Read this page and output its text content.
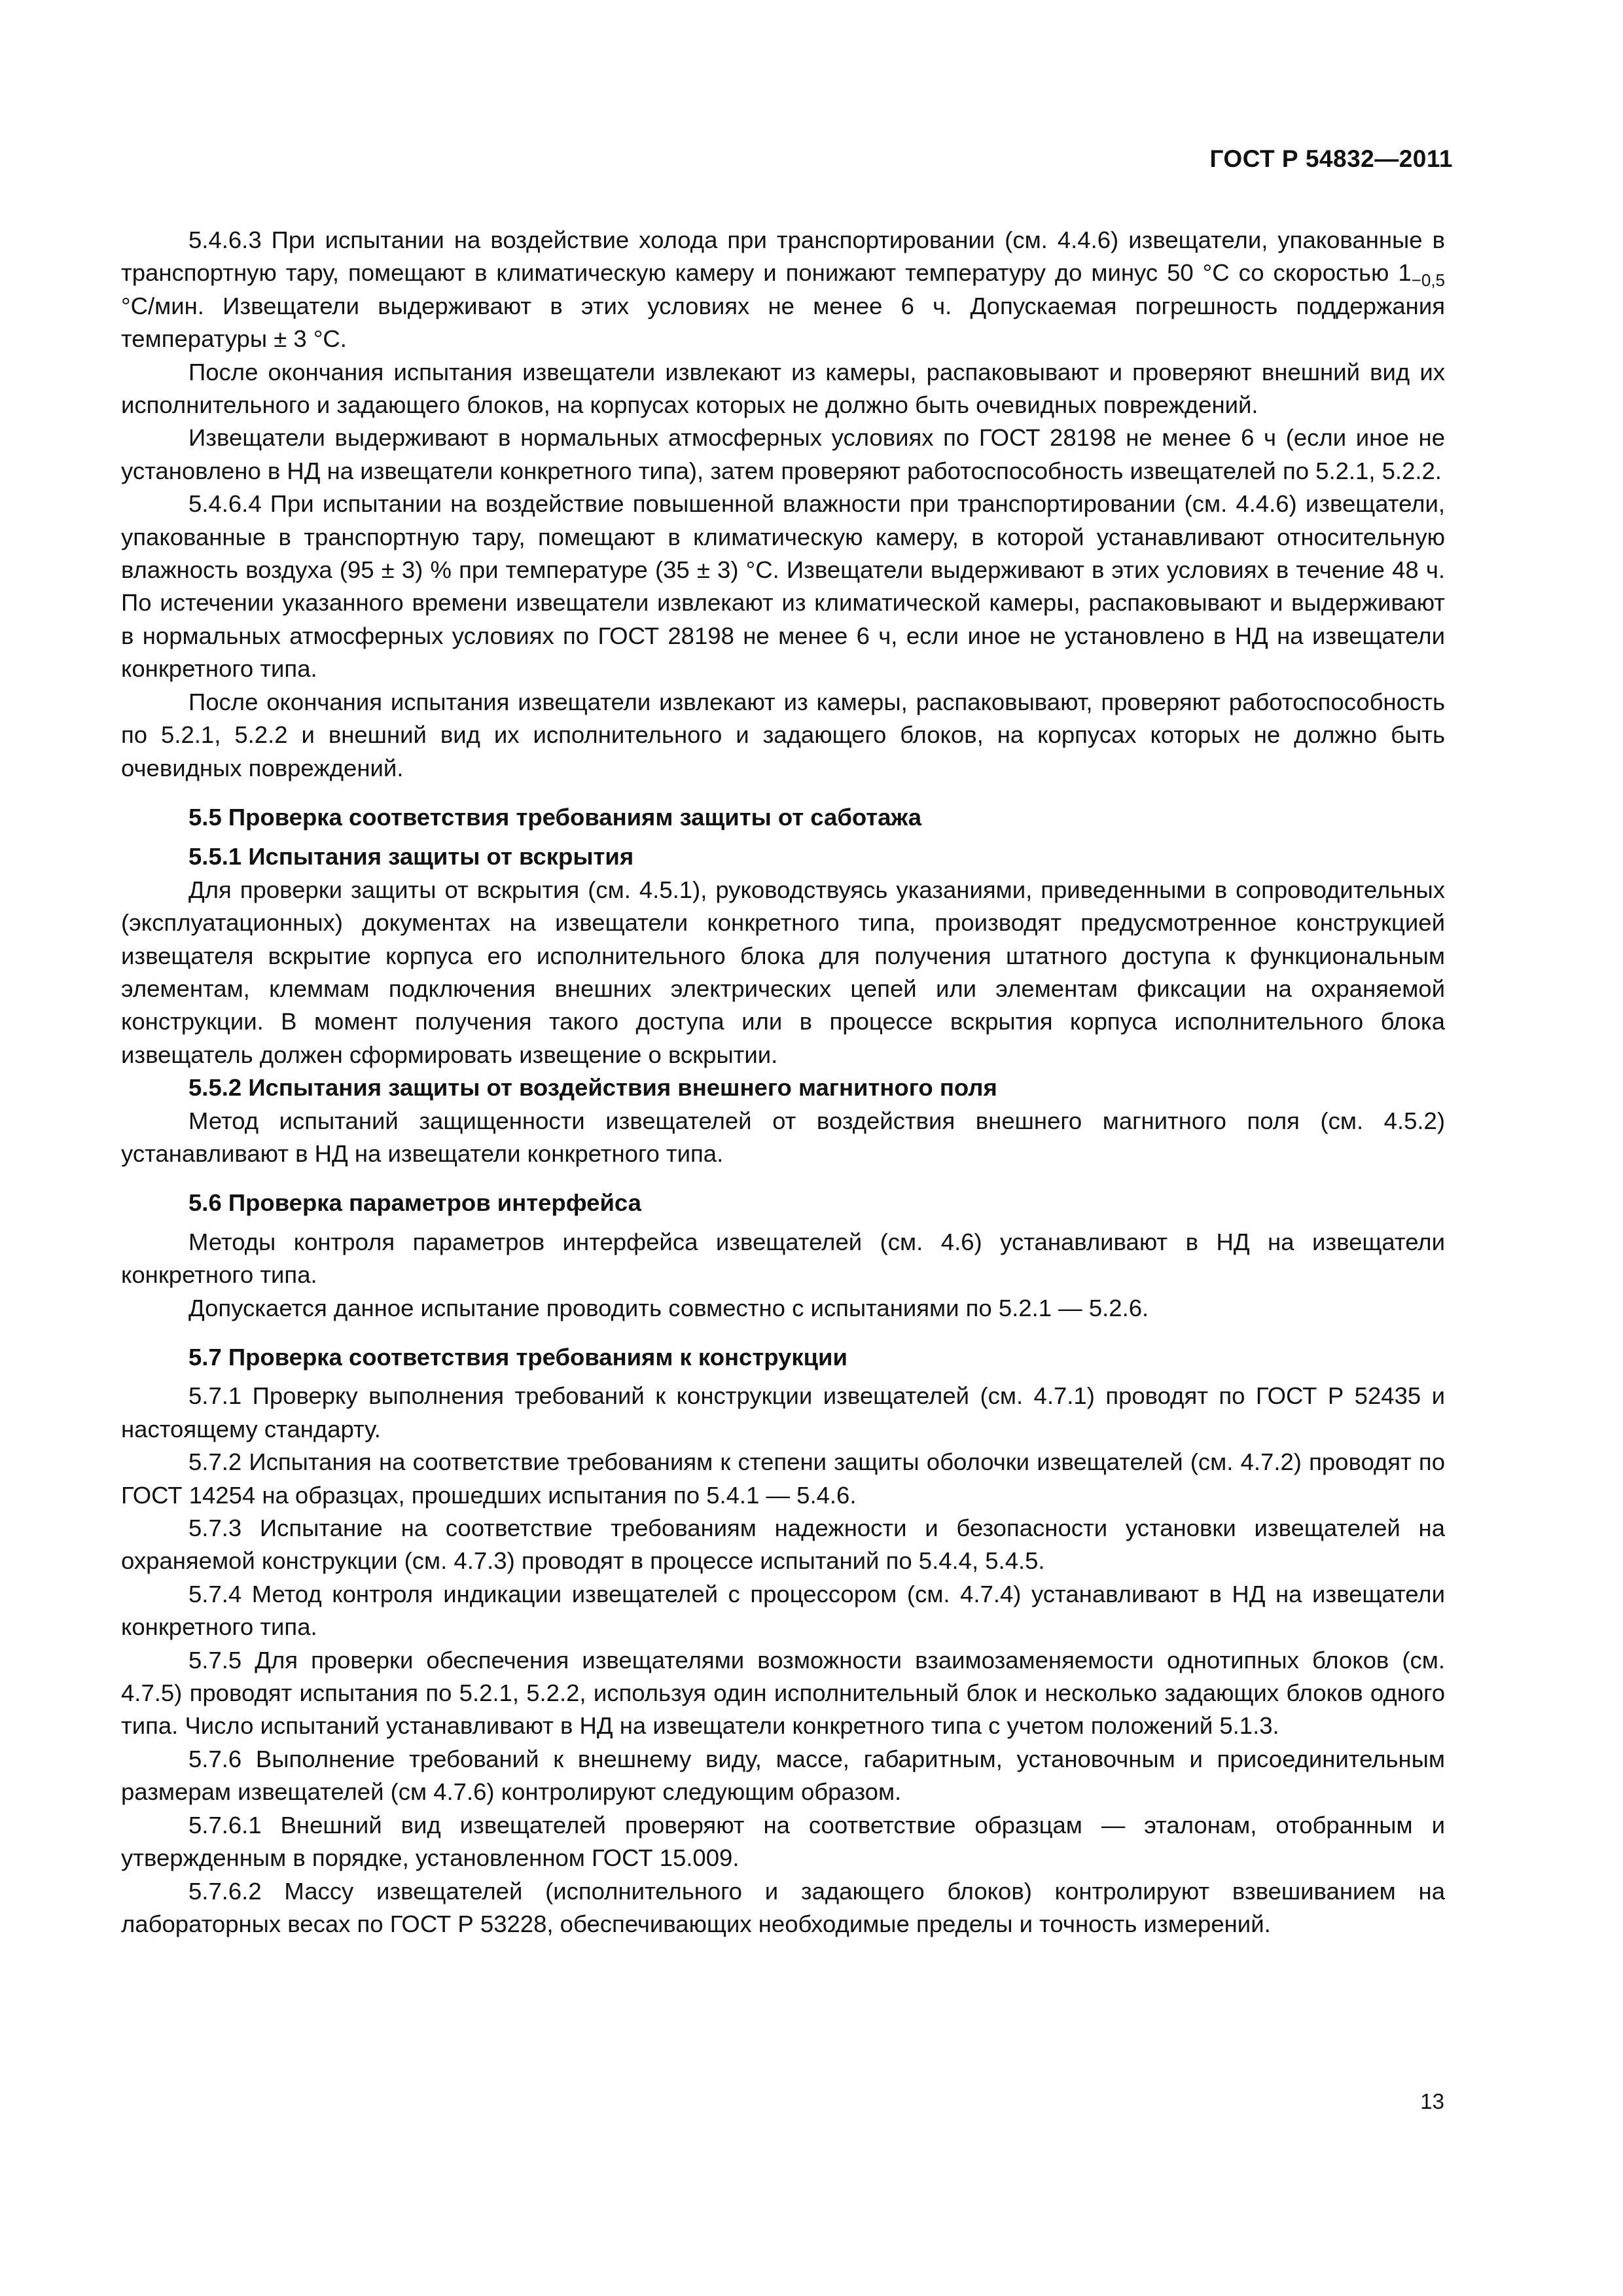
ГОСТ Р 54832—2011

5.4.6.3 При испытании на воздействие холода при транспортировании (см. 4.4.6) извещатели, упакованные в транспортную тару, помещают в климатическую камеру и понижают температуру до минус 50 °С со скоростью $1_{-0,5}$ °С/мин. Извещатели выдерживают в этих условиях не менее 6 ч. Допускаемая погрешность поддержания температуры ± 3 °С.

После окончания испытания извещатели извлекают из камеры, распаковывают и проверяют внешний вид их исполнительного и задающего блоков, на корпусах которых не должно быть очевидных повреждений.

Извещатели выдерживают в нормальных атмосферных условиях по ГОСТ 28198 не менее 6 ч (если иное не установлено в НД на извещатели конкретного типа), затем проверяют работоспособность извещателей по 5.2.1, 5.2.2.

5.4.6.4 При испытании на воздействие повышенной влажности при транспортировании (см. 4.4.6) извещатели, упакованные в транспортную тару, помещают в климатическую камеру, в которой устанавливают относительную влажность воздуха (95 ± 3) % при температуре (35 ± 3) °С. Извещатели выдерживают в этих условиях в течение 48 ч. По истечении указанного времени извещатели извлекают из климатической камеры, распаковывают и выдерживают в нормальных атмосферных условиях по ГОСТ 28198 не менее 6 ч, если иное не установлено в НД на извещатели конкретного типа.

После окончания испытания извещатели извлекают из камеры, распаковывают, проверяют работоспособность по 5.2.1, 5.2.2 и внешний вид их исполнительного и задающего блоков, на корпусах которых не должно быть очевидных повреждений.

5.5 Проверка соответствия требованиям защиты от саботажа
5.5.1 Испытания защиты от вскрытия

Для проверки защиты от вскрытия (см. 4.5.1), руководствуясь указаниями, приведенными в сопроводительных (эксплуатационных) документах на извещатели конкретного типа, производят предусмотренное конструкцией извещателя вскрытие корпуса его исполнительного блока для получения штатного доступа к функциональным элементам, клеммам подключения внешних электрических цепей или элементам фиксации на охраняемой конструкции. В момент получения такого доступа или в процессе вскрытия корпуса исполнительного блока извещатель должен сформировать извещение о вскрытии.

5.5.2 Испытания защиты от воздействия внешнего магнитного поля

Метод испытаний защищенности извещателей от воздействия внешнего магнитного поля (см. 4.5.2) устанавливают в НД на извещатели конкретного типа.

5.6 Проверка параметров интерфейса

Методы контроля параметров интерфейса извещателей (см. 4.6) устанавливают в НД на извещатели конкретного типа.

Допускается данное испытание проводить совместно с испытаниями по 5.2.1 — 5.2.6.

5.7 Проверка соответствия требованиям к конструкции

5.7.1 Проверку выполнения требований к конструкции извещателей (см. 4.7.1) проводят по ГОСТ Р 52435 и настоящему стандарту.

5.7.2 Испытания на соответствие требованиям к степени защиты оболочки извещателей (см. 4.7.2) проводят по ГОСТ 14254 на образцах, прошедших испытания по 5.4.1 — 5.4.6.

5.7.3 Испытание на соответствие требованиям надежности и безопасности установки извещателей на охраняемой конструкции (см. 4.7.3) проводят в процессе испытаний по 5.4.4, 5.4.5.

5.7.4 Метод контроля индикации извещателей с процессором (см. 4.7.4) устанавливают в НД на извещатели конкретного типа.

5.7.5 Для проверки обеспечения извещателями возможности взаимозаменяемости однотипных блоков (см. 4.7.5) проводят испытания по 5.2.1, 5.2.2, используя один исполнительный блок и несколько задающих блоков одного типа. Число испытаний устанавливают в НД на извещатели конкретного типа с учетом положений 5.1.3.

5.7.6 Выполнение требований к внешнему виду, массе, габаритным, установочным и присоединительным размерам извещателей (см 4.7.6) контролируют следующим образом.

5.7.6.1 Внешний вид извещателей проверяют на соответствие образцам — эталонам, отобранным и утвержденным в порядке, установленном ГОСТ 15.009.

5.7.6.2 Массу извещателей (исполнительного и задающего блоков) контролируют взвешиванием на лабораторных весах по ГОСТ Р 53228, обеспечивающих необходимые пределы и точность измерений.

13
